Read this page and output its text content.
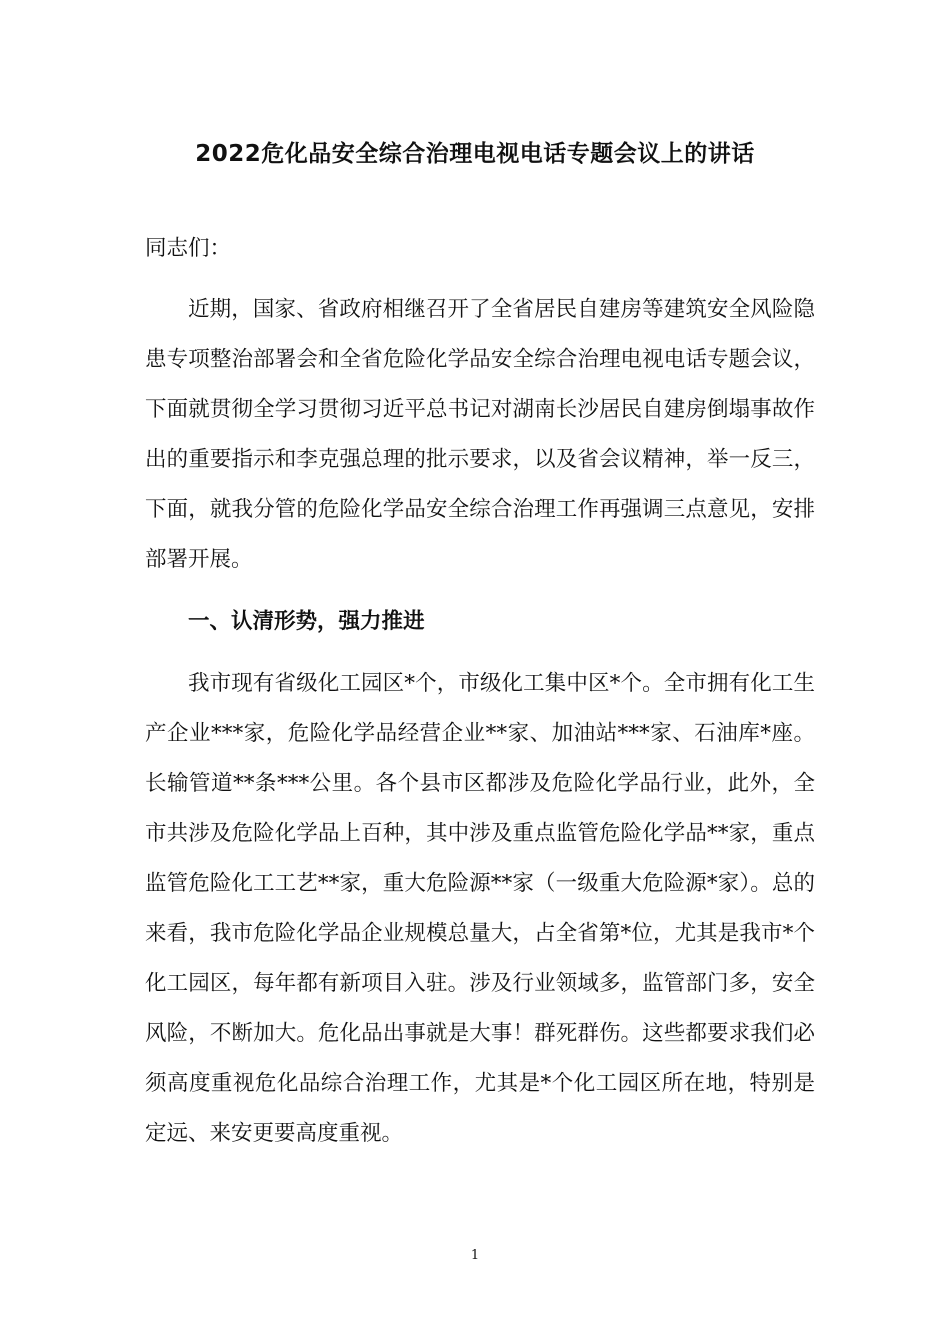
2022危化品安全综合治理电视电话专题会议上的讲话

同志们：

近期，国家、省政府相继召开了全省居民自建房等建筑安全风险隐患专项整治部署会和全省危险化学品安全综合治理电视电话专题会议，下面就贯彻全学习贯彻习近平总书记对湖南长沙居民自建房倒塌事故作出的重要指示和李克强总理的批示要求，以及省会议精神，举一反三，下面，就我分管的危险化学品安全综合治理工作再强调三点意见，安排部署开展。

一、认清形势，强力推进

我市现有省级化工园区*个，市级化工集中区*个。全市拥有化工生产企业***家，危险化学品经营企业**家、加油站***家、石油库*座。长输管道**条***公里。各个县市区都涉及危险化学品行业，此外，全市共涉及危险化学品上百种，其中涉及重点监管危险化学品**家，重点监管危险化工工艺**家，重大危险源**家（一级重大危险源*家）。总的来看，我市危险化学品企业规模总量大，占全省第*位，尤其是我市*个化工园区，每年都有新项目入驻。涉及行业领域多，监管部门多，安全风险，不断加大。危化品出事就是大事！群死群伤。这些都要求我们必须高度重视危化品综合治理工作，尤其是*个化工园区所在地，特别是定远、来安更要高度重视。

1
